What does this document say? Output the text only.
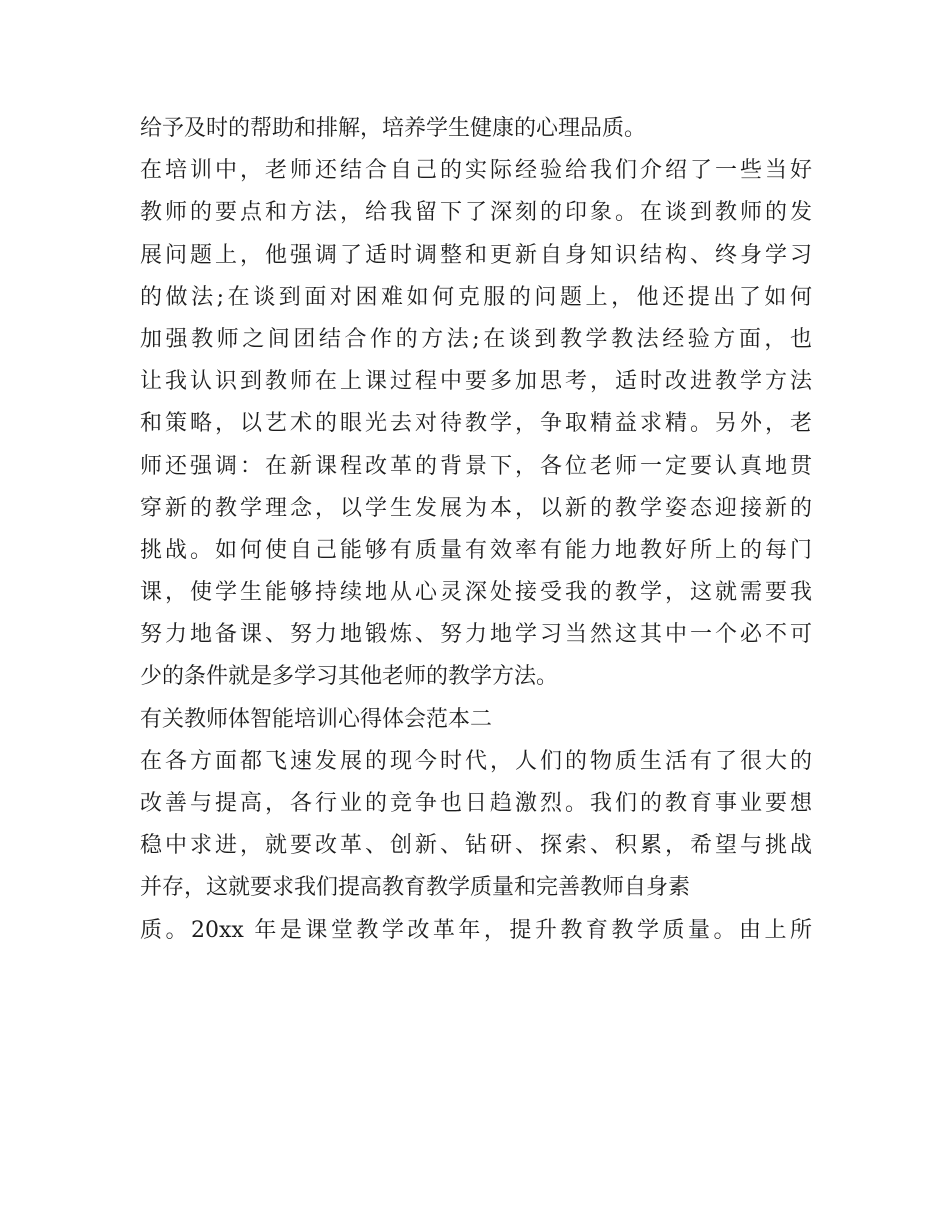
给予及时的帮助和排解，培养学生健康的心理品质。
在培训中，老师还结合自己的实际经验给我们介绍了一些当好
教师的要点和方法，给我留下了深刻的印象。在谈到教师的发
展问题上，他强调了适时调整和更新自身知识结构、终身学习
的做法;在谈到面对困难如何克服的问题上，他还提出了如何
加强教师之间团结合作的方法;在谈到教学教法经验方面，也
让我认识到教师在上课过程中要多加思考，适时改进教学方法
和策略，以艺术的眼光去对待教学，争取精益求精。另外，老
师还强调：在新课程改革的背景下，各位老师一定要认真地贯
穿新的教学理念，以学生发展为本，以新的教学姿态迎接新的
挑战。如何使自己能够有质量有效率有能力地教好所上的每门
课，使学生能够持续地从心灵深处接受我的教学，这就需要我
努力地备课、努力地锻炼、努力地学习当然这其中一个必不可
少的条件就是多学习其他老师的教学方法。
有关教师体智能培训心得体会范本二
在各方面都飞速发展的现今时代，人们的物质生活有了很大的
改善与提高，各行业的竞争也日趋激烈。我们的教育事业要想
稳中求进，就要改革、创新、钻研、探索、积累，希望与挑战
并存，这就要求我们提高教育教学质量和完善教师自身素
质。20xx 年是课堂教学改革年，提升教育教学质量。由上所
